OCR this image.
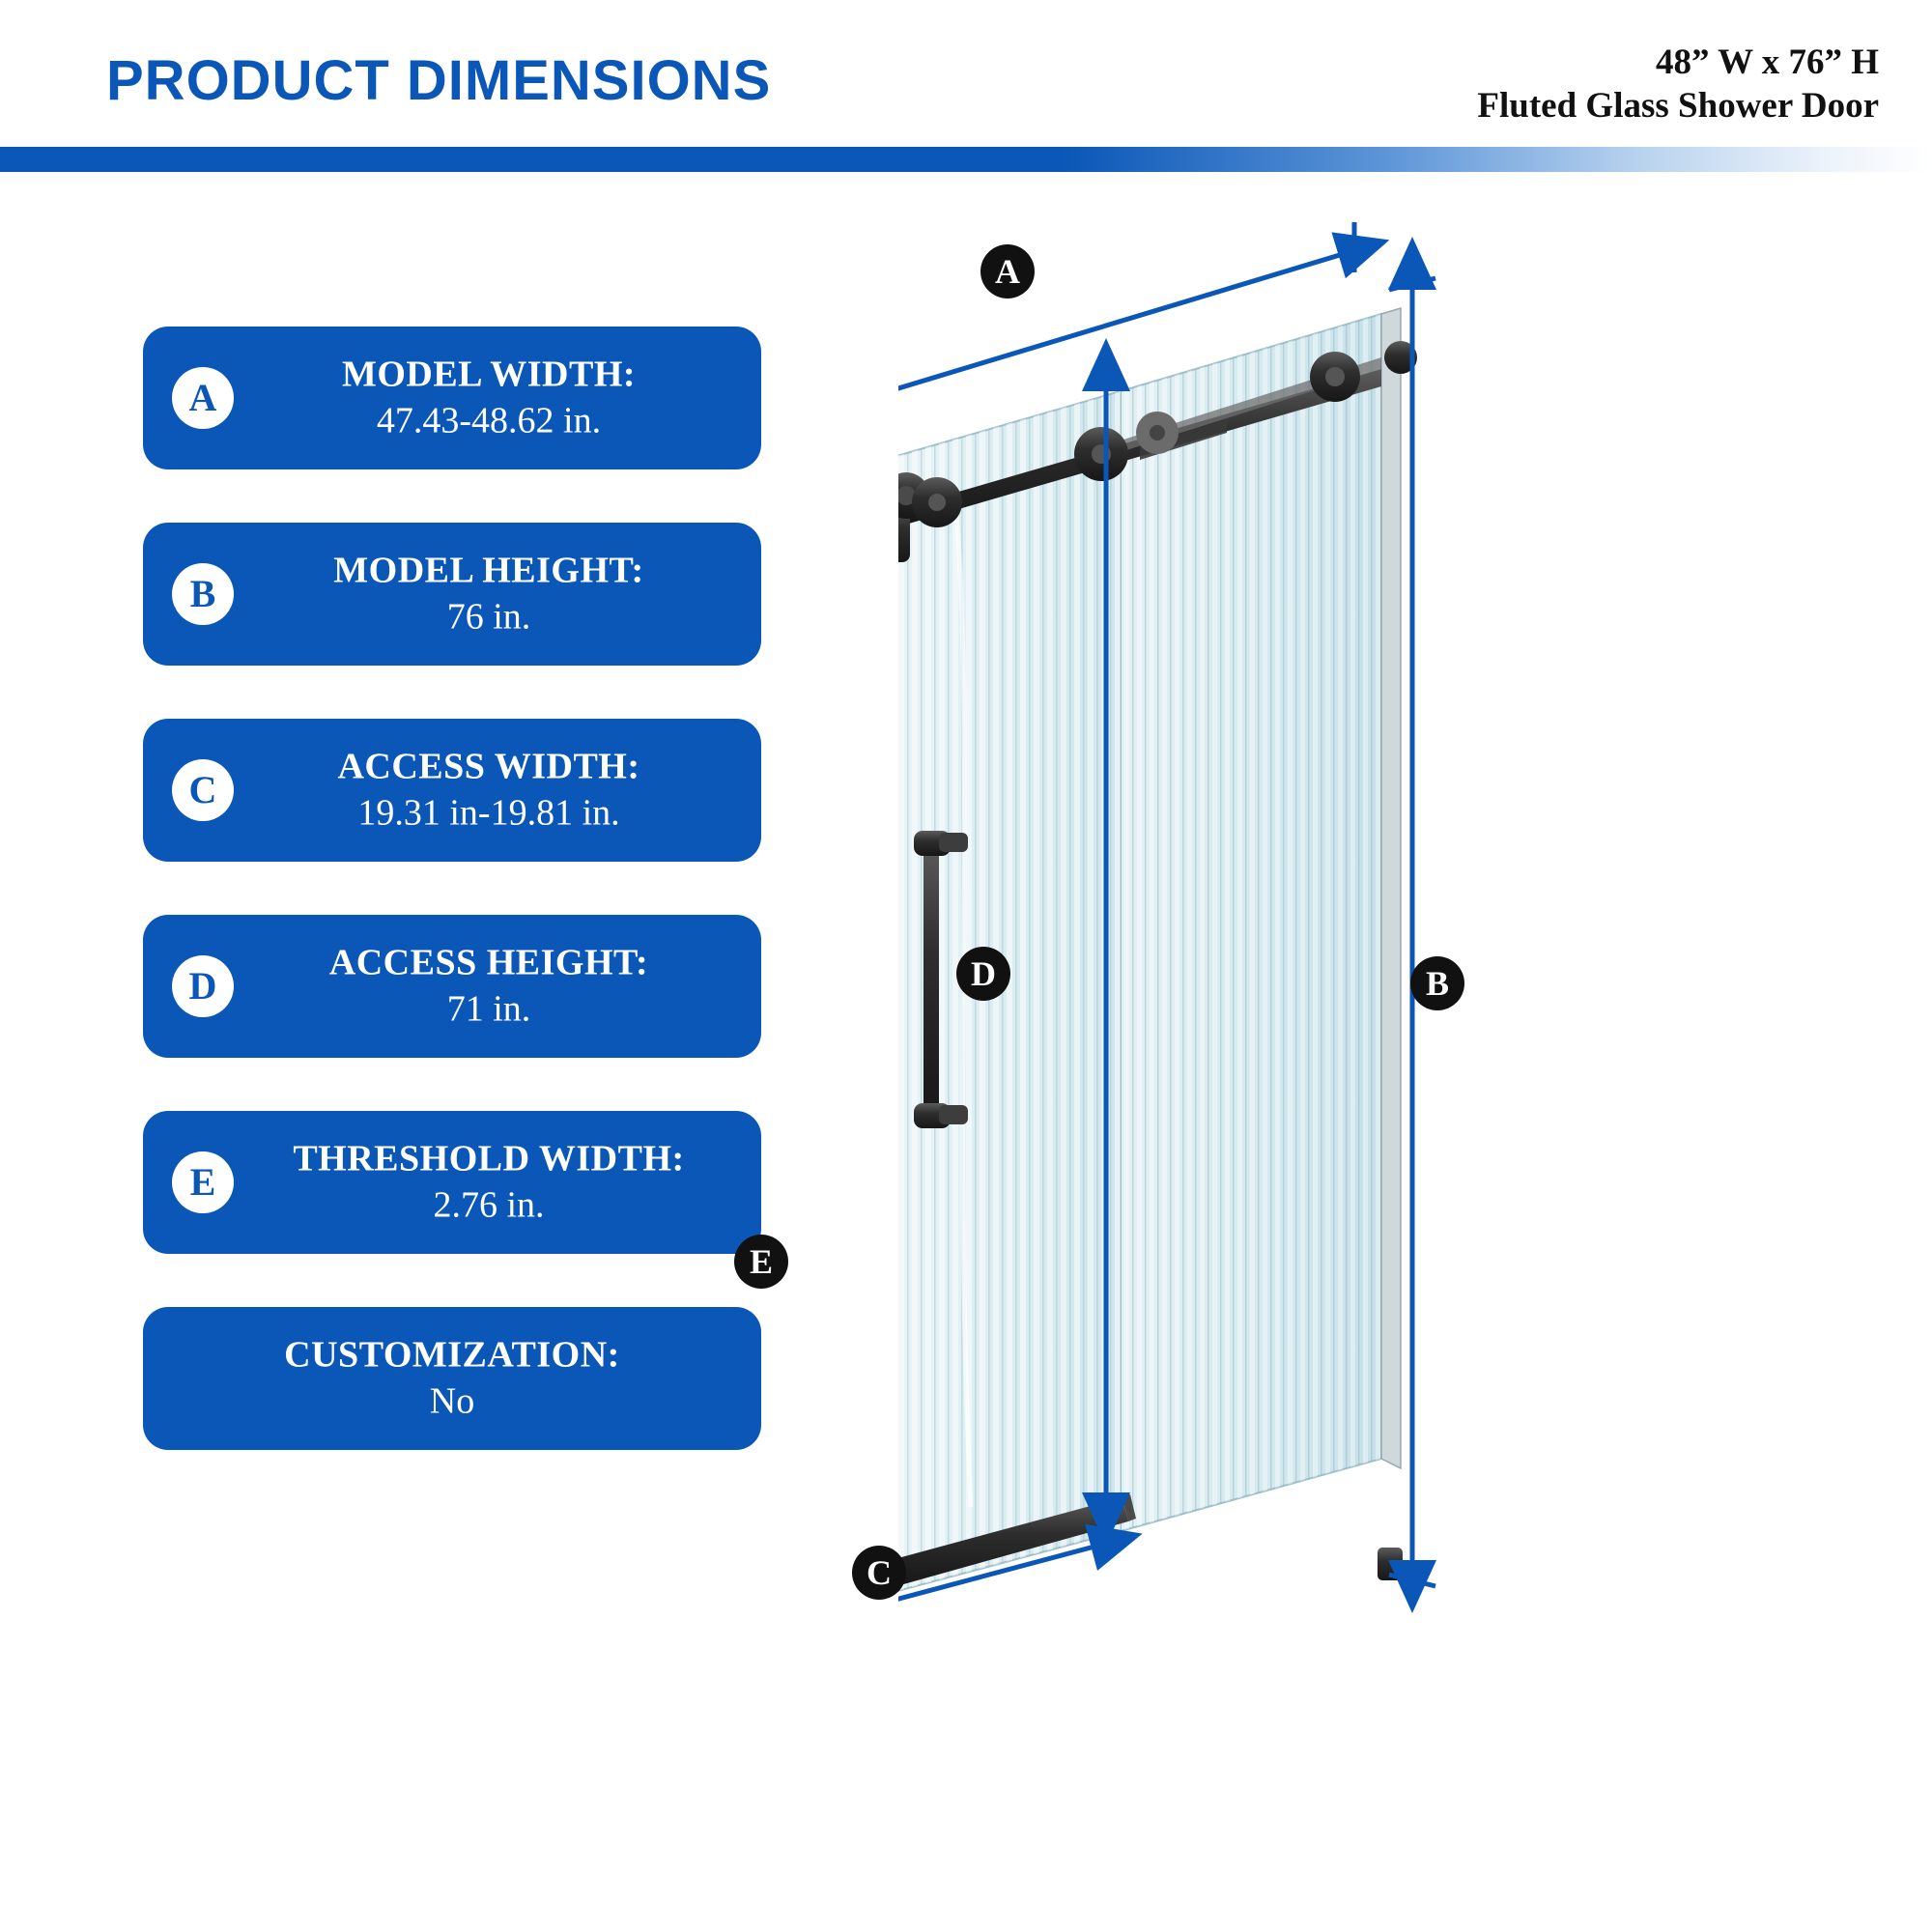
PRODUCT DIMENSIONS	48” W x 76” H
Fluted Glass Shower Door
A
MODEL WIDTH:
47.43-48.62 in.
B
MODEL HEIGHT:
76 in.
C
ACCESS WIDTH:
19.31 in-19.81 in.
D
ACCESS HEIGHT:
71 in.
E
THRESHOLD WIDTH:
2.76 in.
CUSTOMIZATION:
No
A
B
C
D
E
